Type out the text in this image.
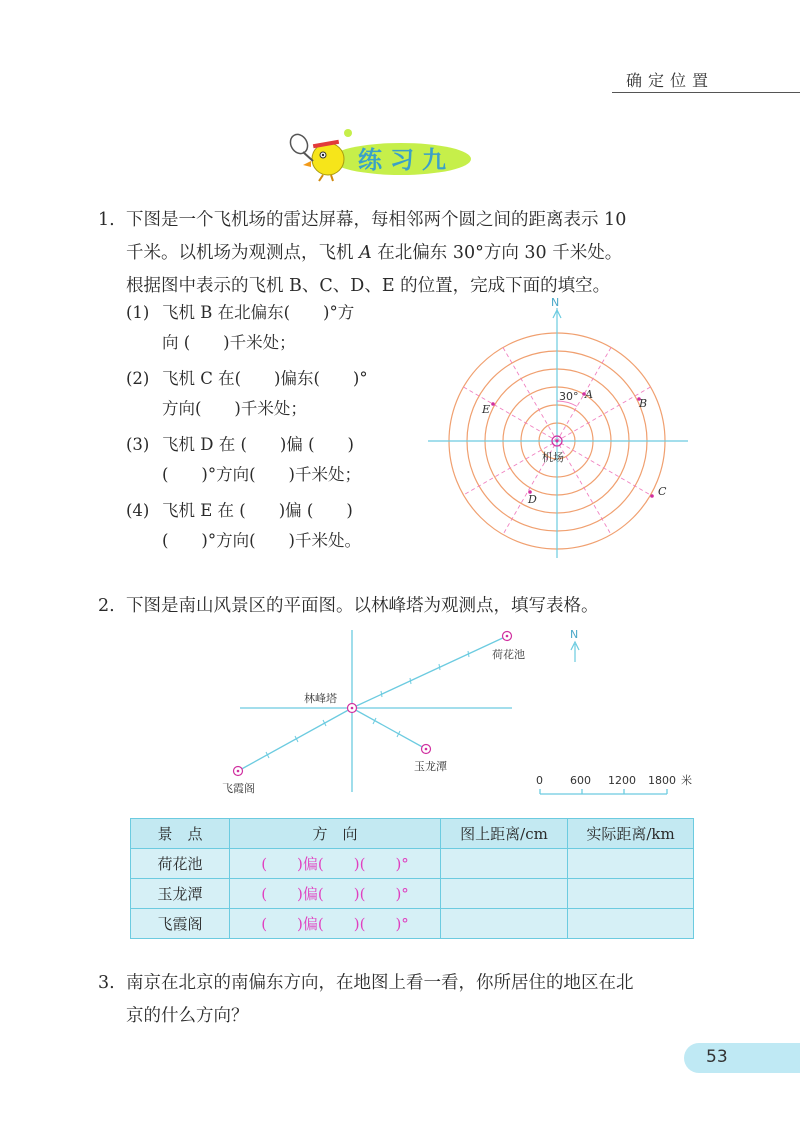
确定位置
练习九
1. 下图是一个飞机场的雷达屏幕，每相邻两个圆之间的距离表示 10
千米。以机场为观测点，飞机 A 在北偏东 30°方向 30 千米处。
根据图中表示的飞机 B、C、D、E 的位置，完成下面的填空。
(1) 飞机 B 在北偏东(　　)°方
向 (　　)千米处；
(2) 飞机 C 在(　　)偏东(　　)°
方向(　　)千米处；
(3) 飞机 D 在 (　　)偏 (　　)
(　　)°方向(　　)千米处；
(4) 飞机 E 在 (　　)偏 (　　)
(　　)°方向(　　)千米处。
N
机场
30° A
B
C
D
E
2. 下图是南山风景区的平面图。以林峰塔为观测点，填写表格。
林峰塔
荷花池
玉龙潭
飞霞阁
N
0 600 1200 1800 米
景　点	方　向	图上距离/cm	实际距离/km
荷花池	(　　)偏(　　)(　　)°		
玉龙潭	(　　)偏(　　)(　　)°		
飞霞阁	(　　)偏(　　)(　　)°		
3. 南京在北京的南偏东方向，在地图上看一看，你所居住的地区在北
京的什么方向？
53
